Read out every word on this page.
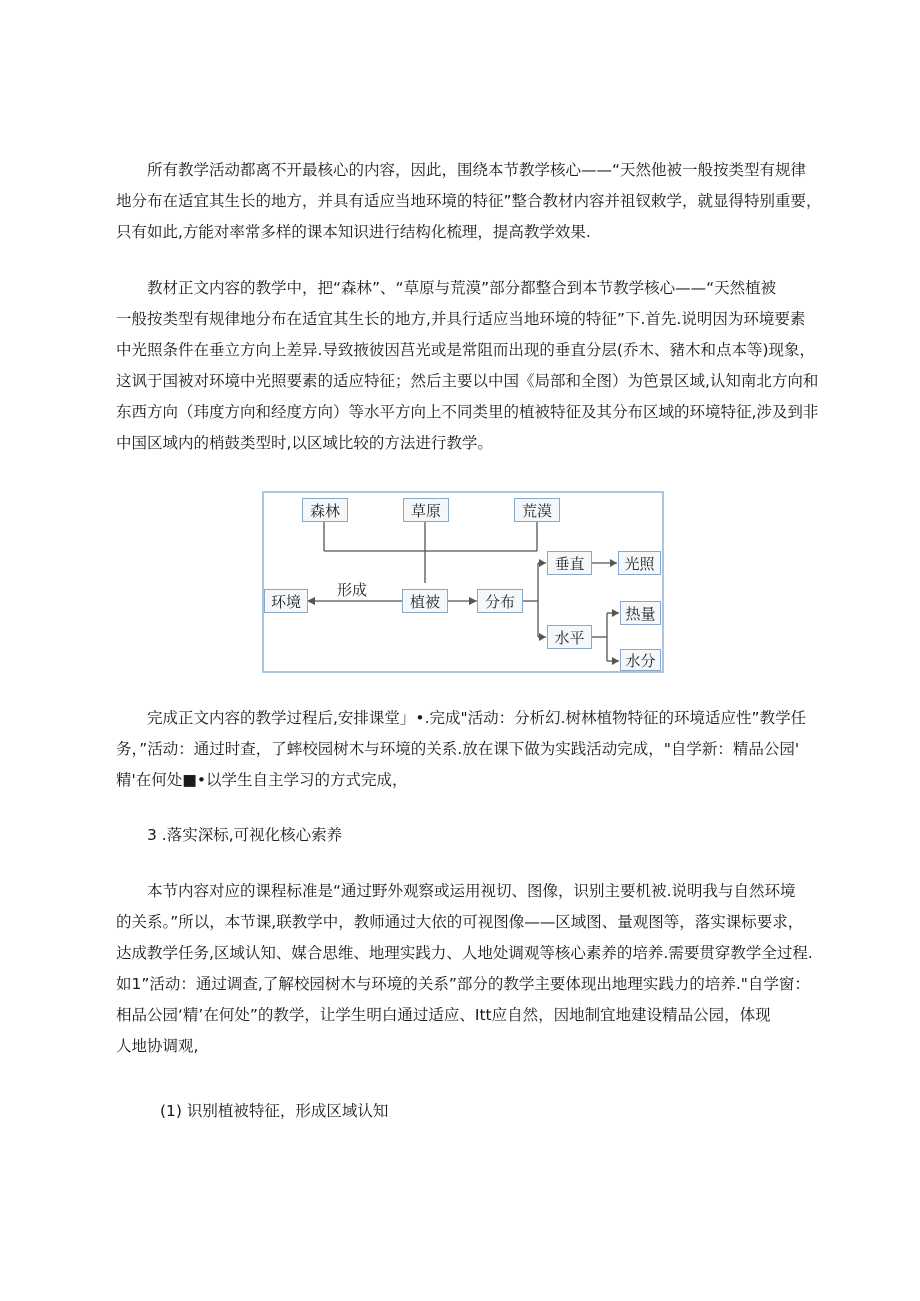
所有教学活动都离不开最核心的内容，因此，围绕本节教学核心——“天然他被一般按类型有规律
地分布在适宜其生长的地方，并具有适应当地环境的特征”整合教材内容并祖钗敕学，就显得特别重要，
只有如此,方能对率常多样的课本知识进行结构化梳理，提高教学效果.
教材正文内容的教学中，把“森林”、“草原与荒漠”部分都整合到本节教学核心——“天然植被
一般按类型有规律地分布在适宜其生长的地方,并具行适应当地环境的特征”下.首先.说明因为环境要素
中光照条件在垂立方向上差异.导致掖彼因莒光或是常阻而出现的垂直分层(乔木、豬木和点本等)现象，
这讽于国被对环境中光照要素的适应特征；然后主要以中国《局部和全图）为笆景区域,认知南北方向和
东西方向（玮度方向和经度方向）等水平方向上不同类里的植被特征及其分布区域的环境特征,涉及到非
中国区域内的梢鼓类型时,以区域比较的方法进行教学。
森林	草原	荒漠
环境
形成
植被	分布
垂直	光照
水平
热量
水分
完成正文内容的教学过程后,安排课堂」•.完成"活动：分析幻.树林植物特征的环境适应性”教学任
务，”活动：通过时查，了蟀校园树木与环境的关系.放在课下做为实践活动完成，"自学新：精品公园'
精'在何处■•以学生自主学习的方式完成，
3 .落实深标,可视化核心索养
本节内容对应的课程标准是“通过野外观察或运用视切、图像，识别主要机被.说明我与自然环境
的关系。”所以，本节课,联教学中，教师通过大依的可视图像——区域图、量观图等，落实课标要求，
达成教学任务,区域认知、媒合思维、地理实践力、人地处调观等核心素养的培养.需要贯穿教学全过程.
如1”活动：通过调查,了解校园树木与环境的关系”部分的教学主要体现出地理实践力的培养."自学窗：
相品公园‘精’在何处”的教学，让学生明白通过适应、Itt应自然，因地制宜地建设精品公园，体现
人地协调观,
(1) 识别植被特征，形成区域认知
